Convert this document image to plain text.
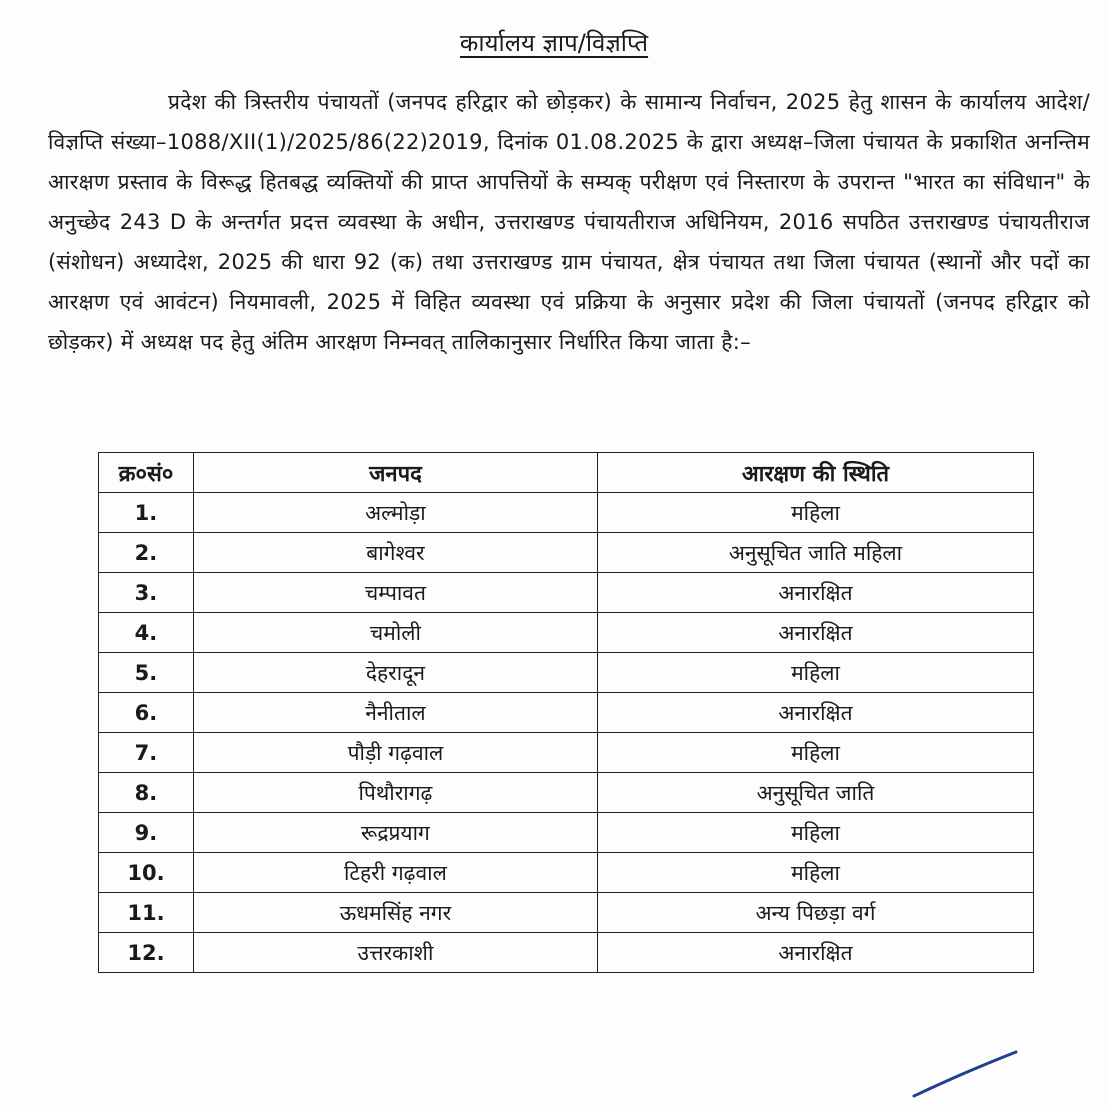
कार्यालय ज्ञाप/विज्ञप्ति
प्रदेश की त्रिस्तरीय पंचायतों (जनपद हरिद्वार को छोड़कर) के सामान्य निर्वाचन, 2025 हेतु शासन के कार्यालय आदेश/विज्ञप्ति संख्या–1088/XII(1)/2025/86(22)2019, दिनांक 01.08.2025 के द्वारा अध्यक्ष–जिला पंचायत के प्रकाशित अनन्तिम आरक्षण प्रस्ताव के विरूद्ध हितबद्ध व्यक्तियों की प्राप्त आपत्तियों के सम्यक् परीक्षण एवं निस्तारण के उपरान्त "भारत का संविधान" के अनुच्छेद 243 D के अन्तर्गत प्रदत्त व्यवस्था के अधीन, उत्तराखण्ड पंचायतीराज अधिनियम, 2016 सपठित उत्तराखण्ड पंचायतीराज (संशोधन) अध्यादेश, 2025 की धारा 92 (क) तथा उत्तराखण्ड ग्राम पंचायत, क्षेत्र पंचायत तथा जिला पंचायत (स्थानों और पदों का आरक्षण एवं आवंटन) नियमावली, 2025 में विहित व्यवस्था एवं प्रक्रिया के अनुसार प्रदेश की जिला पंचायतों (जनपद हरिद्वार को छोड़कर) में अध्यक्ष पद हेतु अंतिम आरक्षण निम्नवत् तालिकानुसार निर्धारित किया जाता है:–
क्र०सं०	जनपद	आरक्षण की स्थिति
1.	अल्मोड़ा	महिला
2.	बागेश्वर	अनुसूचित जाति महिला
3.	चम्पावत	अनारक्षित
4.	चमोली	अनारक्षित
5.	देहरादून	महिला
6.	नैनीताल	अनारक्षित
7.	पौड़ी गढ़वाल	महिला
8.	पिथौरागढ़	अनुसूचित जाति
9.	रूद्रप्रयाग	महिला
10.	टिहरी गढ़वाल	महिला
11.	ऊधमसिंह नगर	अन्य पिछड़ा वर्ग
12.	उत्तरकाशी	अनारक्षित
